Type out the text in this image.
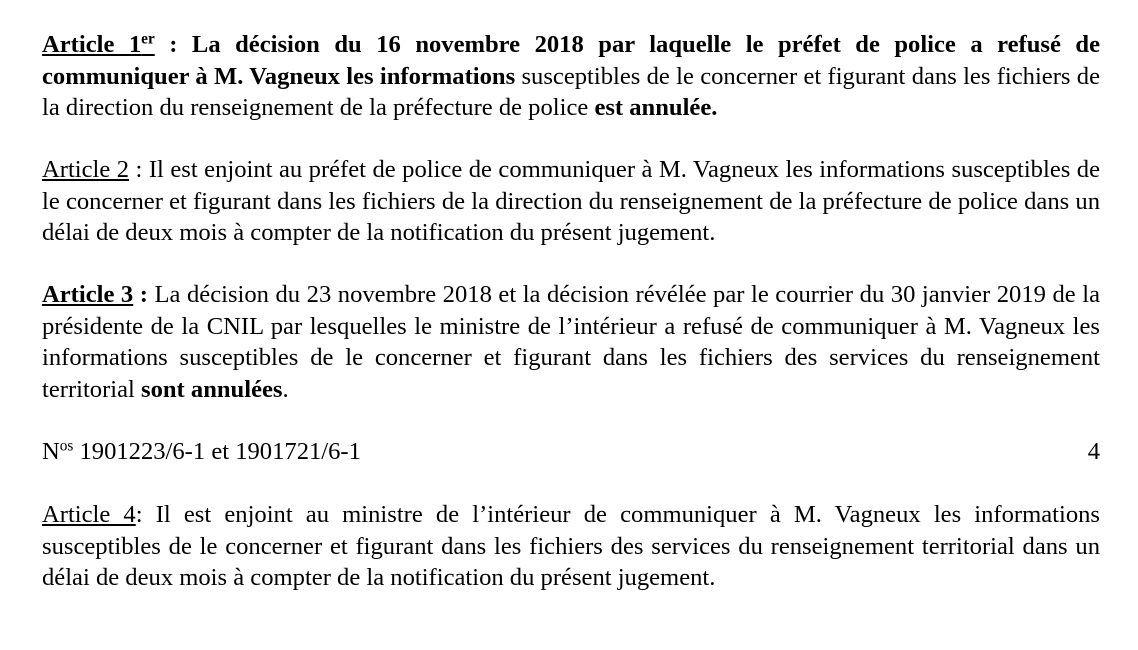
Article 1er : La décision du 16 novembre 2018 par laquelle le préfet de police a refusé de communiquer à M. Vagneux les informations susceptibles de le concerner et figurant dans les fichiers de la direction du renseignement de la préfecture de police est annulée.

Article 2 : Il est enjoint au préfet de police de communiquer à M. Vagneux les informations susceptibles de le concerner et figurant dans les fichiers de la direction du renseignement de la préfecture de police dans un délai de deux mois à compter de la notification du présent jugement.

Article 3 : La décision du 23 novembre 2018 et la décision révélée par le courrier du 30 janvier 2019 de la présidente de la CNIL par lesquelles le ministre de l’intérieur a refusé de communiquer à M. Vagneux les informations susceptibles de le concerner et figurant dans les fichiers des services du renseignement territorial sont annulées.

$N^{os}$ 1901223/6-1 et 1901721/6-1	4

Article 4: Il est enjoint au ministre de l’intérieur de communiquer à M. Vagneux les informations susceptibles de le concerner et figurant dans les fichiers des services du renseignement territorial dans un délai de deux mois à compter de la notification du présent jugement.
